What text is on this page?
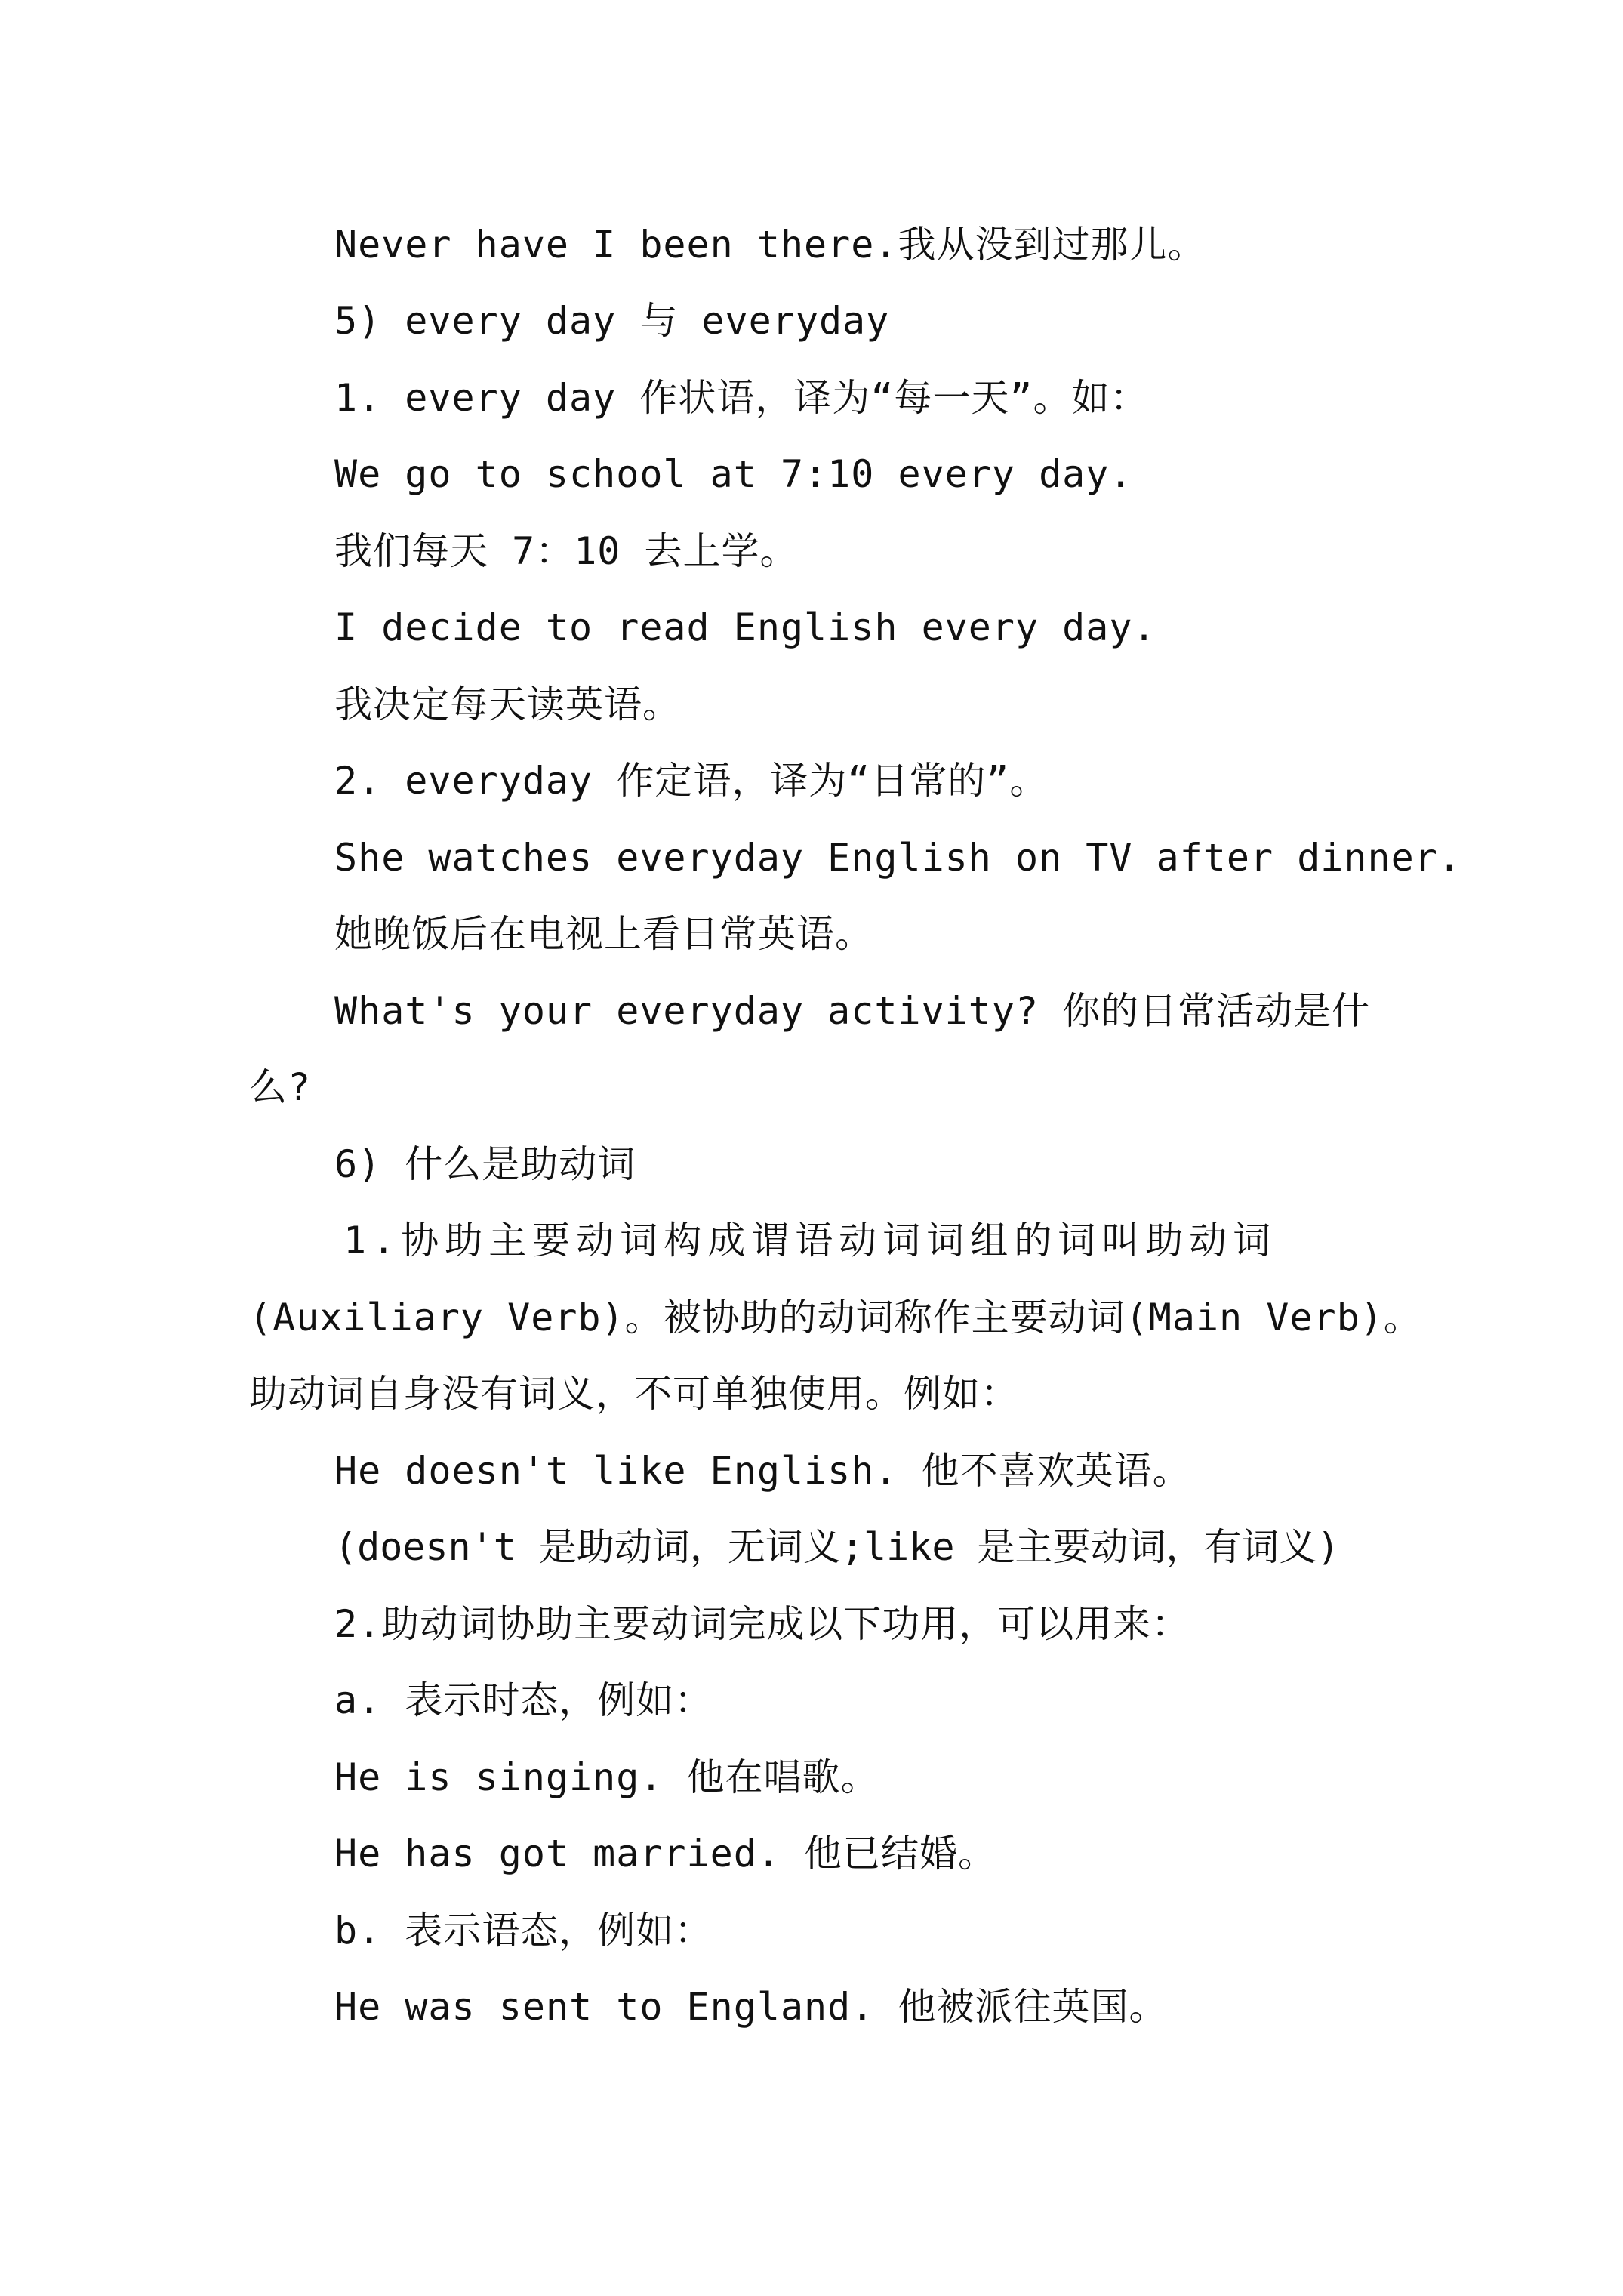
Never have I been there.我从没到过那儿。
5) every day 与 everyday
1. every day 作状语，译为“每一天”。如：
We go to school at 7:10 every day.
我们每天 7：10 去上学。
I decide to read English every day.
我决定每天读英语。
2. everyday 作定语，译为“日常的”。
She watches everyday English on TV after dinner.
她晚饭后在电视上看日常英语。
What's your everyday activity? 你的日常活动是什
么?
6) 什么是助动词
1.协助主要动词构成谓语动词词组的词叫助动词
(Auxiliary Verb)。被协助的动词称作主要动词(Main Verb)。
助动词自身没有词义，不可单独使用。例如：
He doesn't like English. 他不喜欢英语。
(doesn't 是助动词，无词义;like 是主要动词，有词义)
2.助动词协助主要动词完成以下功用，可以用来：
a. 表示时态，例如：
He is singing. 他在唱歌。
He has got married. 他已结婚。
b. 表示语态，例如：
He was sent to England. 他被派往英国。
